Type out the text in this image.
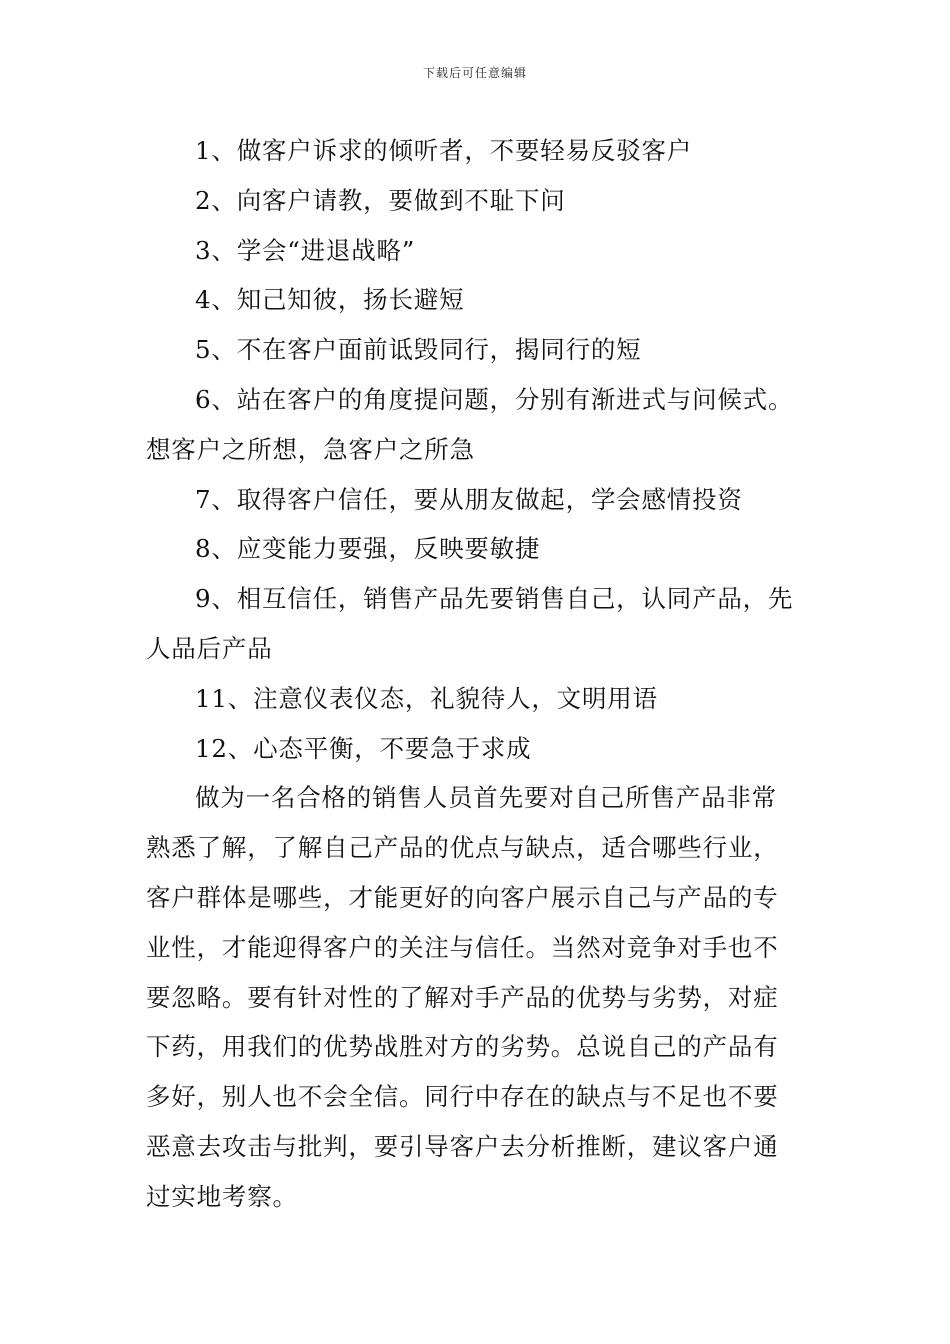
下载后可任意编辑
1、做客户诉求的倾听者，不要轻易反驳客户
2、向客户请教，要做到不耻下问
3、学会“进退战略”
4、知己知彼，扬长避短
5、不在客户面前诋毁同行，揭同行的短
6、站在客户的角度提问题，分别有渐进式与问候式。
想客户之所想，急客户之所急
7、取得客户信任，要从朋友做起，学会感情投资
8、应变能力要强，反映要敏捷
9、相互信任，销售产品先要销售自己，认同产品，先
人品后产品
11、注意仪表仪态，礼貌待人，文明用语
12、心态平衡，不要急于求成
做为一名合格的销售人员首先要对自己所售产品非常
熟悉了解，了解自己产品的优点与缺点，适合哪些行业，
客户群体是哪些，才能更好的向客户展示自己与产品的专
业性，才能迎得客户的关注与信任。当然对竞争对手也不
要忽略。要有针对性的了解对手产品的优势与劣势，对症
下药，用我们的优势战胜对方的劣势。总说自己的产品有
多好，别人也不会全信。同行中存在的缺点与不足也不要
恶意去攻击与批判，要引导客户去分析推断，建议客户通
过实地考察。
